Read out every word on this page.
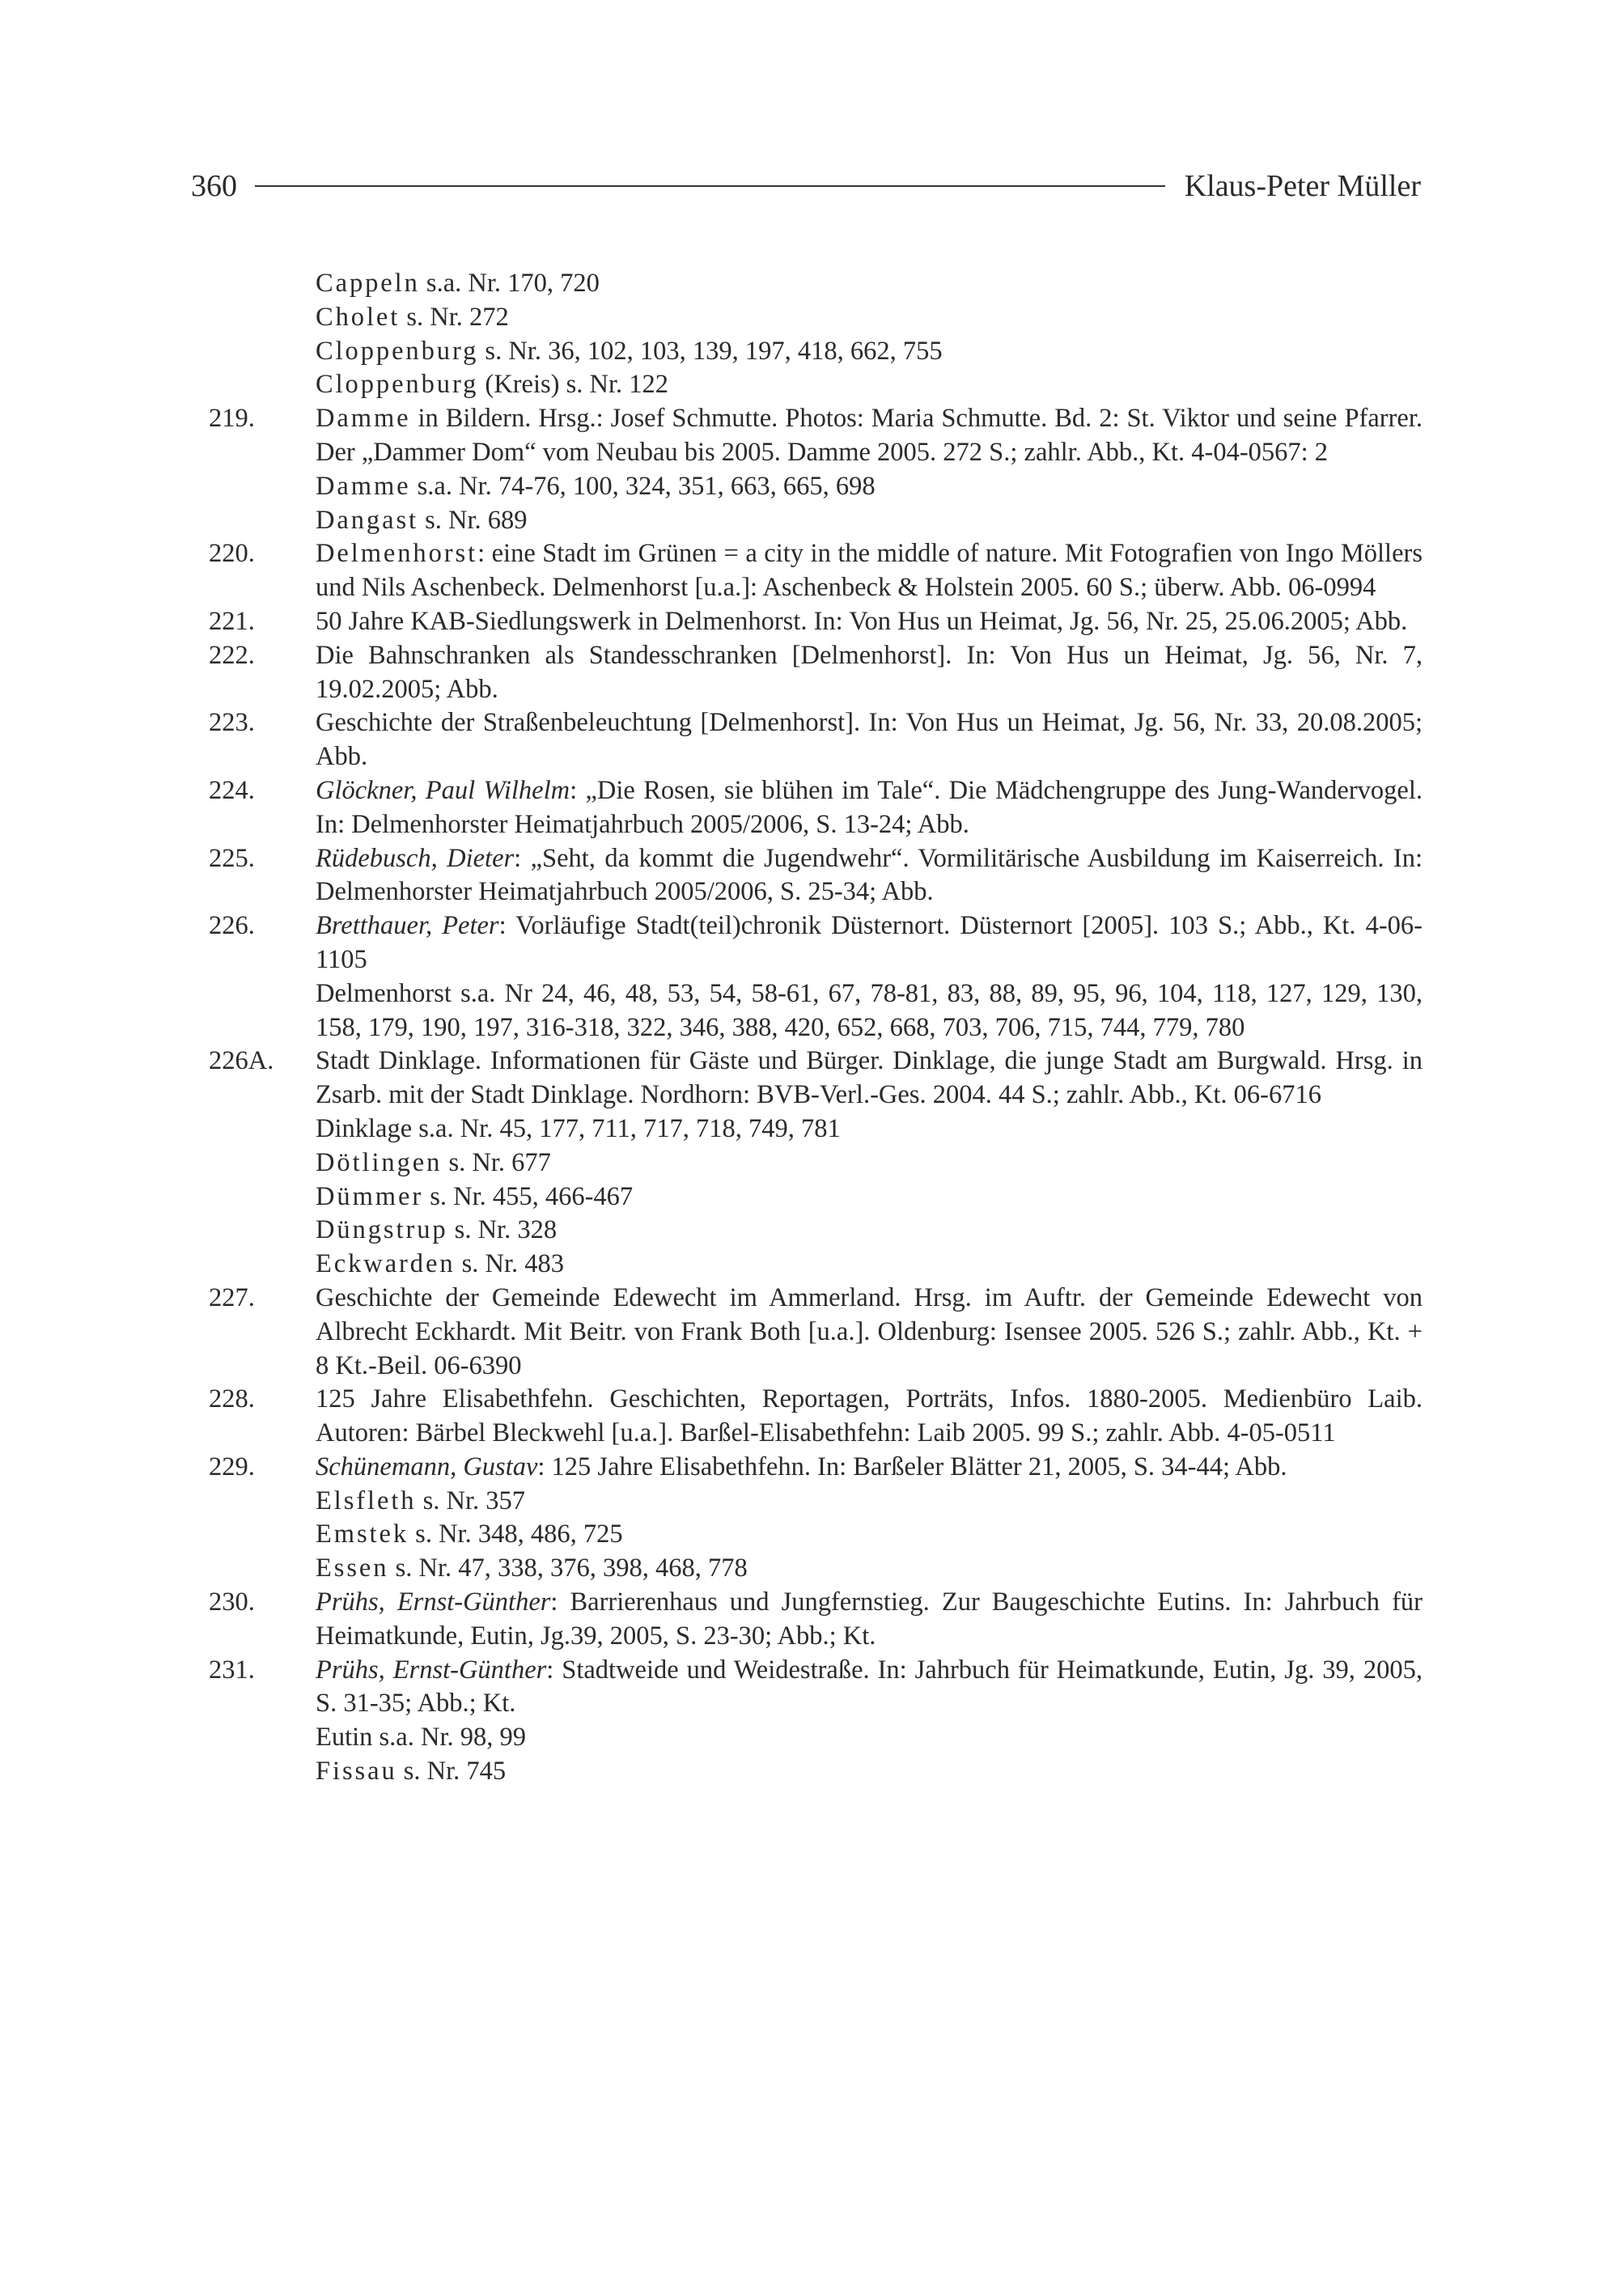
360	Klaus-Peter Müller
Cappeln s.a. Nr. 170, 720
Cholet s. Nr. 272
Cloppenburg s. Nr. 36, 102, 103, 139, 197, 418, 662, 755
Cloppenburg (Kreis) s. Nr. 122
219. Damme in Bildern. Hrsg.: Josef Schmutte. Photos: Maria Schmutte. Bd. 2: St. Viktor und seine Pfarrer. Der „Dammer Dom“ vom Neubau bis 2005. Damme 2005. 272 S.; zahlr. Abb., Kt. 4-04-0567: 2
Damme s.a. Nr. 74-76, 100, 324, 351, 663, 665, 698
Dangast s. Nr. 689
220. Delmenhorst: eine Stadt im Grünen = a city in the middle of nature. Mit Fotografien von Ingo Möllers und Nils Aschenbeck. Delmenhorst [u.a.]: Aschenbeck & Holstein 2005. 60 S.; überw. Abb. 06-0994
221. 50 Jahre KAB-Siedlungswerk in Delmenhorst. In: Von Hus un Heimat, Jg. 56, Nr. 25, 25.06.2005; Abb.
222. Die Bahnschranken als Standesschranken [Delmenhorst]. In: Von Hus un Heimat, Jg. 56, Nr. 7, 19.02.2005; Abb.
223. Geschichte der Straßenbeleuchtung [Delmenhorst]. In: Von Hus un Heimat, Jg. 56, Nr. 33, 20.08.2005; Abb.
224. Glöckner, Paul Wilhelm: „Die Rosen, sie blühen im Tale“. Die Mädchengruppe des Jung-Wandervogel. In: Delmenhorster Heimatjahrbuch 2005/2006, S. 13-24; Abb.
225. Rüdebusch, Dieter: „Seht, da kommt die Jugendwehr“. Vormilitärische Ausbildung im Kaiserreich. In: Delmenhorster Heimatjahrbuch 2005/2006, S. 25-34; Abb.
226. Bretthauer, Peter: Vorläufige Stadt(teil)chronik Düsternort. Düsternort [2005]. 103 S.; Abb., Kt. 4-06-1105
Delmenhorst s.a. Nr 24, 46, 48, 53, 54, 58-61, 67, 78-81, 83, 88, 89, 95, 96, 104, 118, 127, 129, 130, 158, 179, 190, 197, 316-318, 322, 346, 388, 420, 652, 668, 703, 706, 715, 744, 779, 780
226A. Stadt Dinklage. Informationen für Gäste und Bürger. Dinklage, die junge Stadt am Burgwald. Hrsg. in Zsarb. mit der Stadt Dinklage. Nordhorn: BVB-Verl.-Ges. 2004. 44 S.; zahlr. Abb., Kt. 06-6716
Dinklage s.a. Nr. 45, 177, 711, 717, 718, 749, 781
Dötlingen s. Nr. 677
Dümmer s. Nr. 455, 466-467
Düngstrup s. Nr. 328
Eckwarden s. Nr. 483
227. Geschichte der Gemeinde Edewecht im Ammerland. Hrsg. im Auftr. der Gemeinde Edewecht von Albrecht Eckhardt. Mit Beitr. von Frank Both [u.a.]. Oldenburg: Isensee 2005. 526 S.; zahlr. Abb., Kt. + 8 Kt.-Beil. 06-6390
228. 125 Jahre Elisabethfehn. Geschichten, Reportagen, Porträts, Infos. 1880-2005. Medienbüro Laib. Autoren: Bärbel Bleckwehl [u.a.]. Barßel-Elisabethfehn: Laib 2005. 99 S.; zahlr. Abb. 4-05-0511
229. Schünemann, Gustav: 125 Jahre Elisabethfehn. In: Barßeler Blätter 21, 2005, S. 34-44; Abb.
Elsfleth s. Nr. 357
Emstek s. Nr. 348, 486, 725
Essen s. Nr. 47, 338, 376, 398, 468, 778
230. Prühs, Ernst-Günther: Barrierenhaus und Jungfernstieg. Zur Baugeschichte Eutins. In: Jahrbuch für Heimatkunde, Eutin, Jg.39, 2005, S. 23-30; Abb.; Kt.
231. Prühs, Ernst-Günther: Stadtweide und Weidestraße. In: Jahrbuch für Heimatkunde, Eutin, Jg. 39, 2005, S. 31-35; Abb.; Kt.
Eutin s.a. Nr. 98, 99
Fissau s. Nr. 745
